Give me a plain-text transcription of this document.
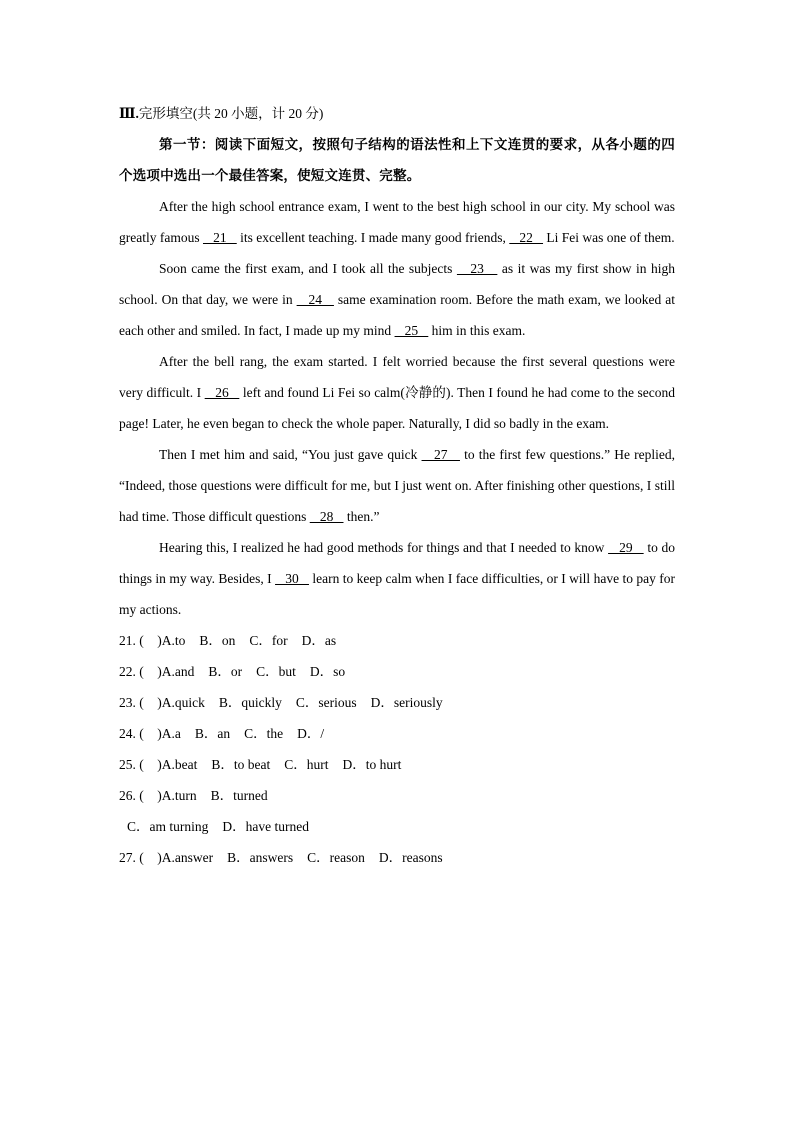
Ⅲ.完形填空(共 20 小题，计 20 分)
第一节：阅读下面短文，按照句子结构的语法性和上下文连贯的要求，从各小题的四个选项中选出一个最佳答案，使短文连贯、完整。

After the high school entrance exam, I went to the best high school in our city. My school was greatly famous    21    its excellent teaching. I made many good friends,    22    Li Fei was one of them.

Soon came the first exam, and I took all the subjects    23    as it was my first show in high school. On that day, we were in    24    same examination room. Before the math exam, we looked at each other and smiled. In fact, I made up my mind    25    him in this exam.

After the bell rang, the exam started. I felt worried because the first several questions were very difficult. I    26    left and found Li Fei so calm(冷静的). Then I found he had come to the second page! Later, he even began to check the whole paper. Naturally, I did so badly in the exam.

Then I met him and said, “You just gave quick    27    to the first few questions.” He replied, “Indeed, those questions were difficult for me, but I just went on. After finishing other questions, I still had time. Those difficult questions    28    then.”

Hearing this, I realized he had good methods for things and that I needed to know    29    to do things in my way. Besides, I    30    learn to keep calm when I face difficulties, or I will have to pay for my actions.

21. (    )A.to B．on C．for D．as
22. (    )A.and B．or C．but D．so
23. (    )A.quick B．quickly C．serious D．seriously
24. (    )A.a B．an C．the D．/
25. (    )A.beat B．to beat C．hurt D．to hurt
26. (    )A.turn B．turned
C．am turning D．have turned
27. (    )A.answer B．answers C．reason D．reasons
